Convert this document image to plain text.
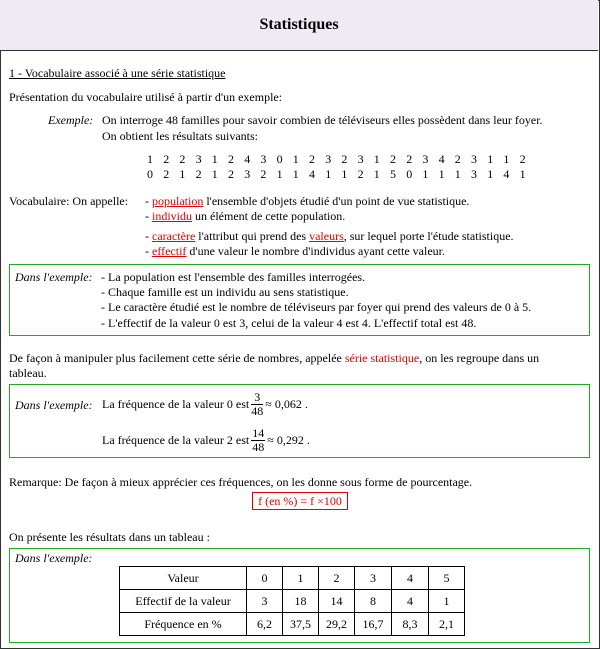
Statistiques
1 - Vocabulaire associé à une série statistique
Présentation du vocabulaire utilisé à partir d'un exemple:
Exemple: On interroge 48 familles pour savoir combien de téléviseurs elles possèdent dans leur foyer.
On obtient les résultats suivants:
1 2 2 3 1 2 4 3 0 1 2 3 2 3 1 2 2 3 4 2 3 1 1 2
0 2 1 2 1 2 3 2 1 1 4 1 1 2 1 5 0 1 1 1 3 1 4 1
Vocabulaire: On appelle: - population l'ensemble d'objets étudié d'un point de vue statistique.
- individu un élément de cette population.
- caractère l'attribut qui prend des valeurs, sur lequel porte l'étude statistique.
- effectif d'une valeur le nombre d'individus ayant cette valeur.
Dans l'exemple: - La population est l'ensemble des familles interrogées.
- Chaque famille est un individu au sens statistique.
- Le caractère étudié est le nombre de téléviseurs par foyer qui prend des valeurs de 0 à 5.
- L'effectif de la valeur 0 est 3, celui de la valeur 4 est 4. L'effectif total est 48.
De façon à manipuler plus facilement cette série de nombres, appelée série statistique, on les regroupe dans un
tableau.
Dans l'exemple: La fréquence de la valeur 0 est $\frac{3}{48} \approx 0,062$ .
La fréquence de la valeur 2 est $\frac{14}{48} \approx 0,292$ .
Remarque: De façon à mieux apprécier ces fréquences, on les donne sous forme de pourcentage.
f (en %) = f ×100
On présente les résultats dans un tableau :
Dans l'exemple:
Valeur	0	1	2	3	4	5
Effectif de la valeur	3	18	14	8	4	1
Fréquence en %	6,2	37,5	29,2	16,7	8,3	2,1
